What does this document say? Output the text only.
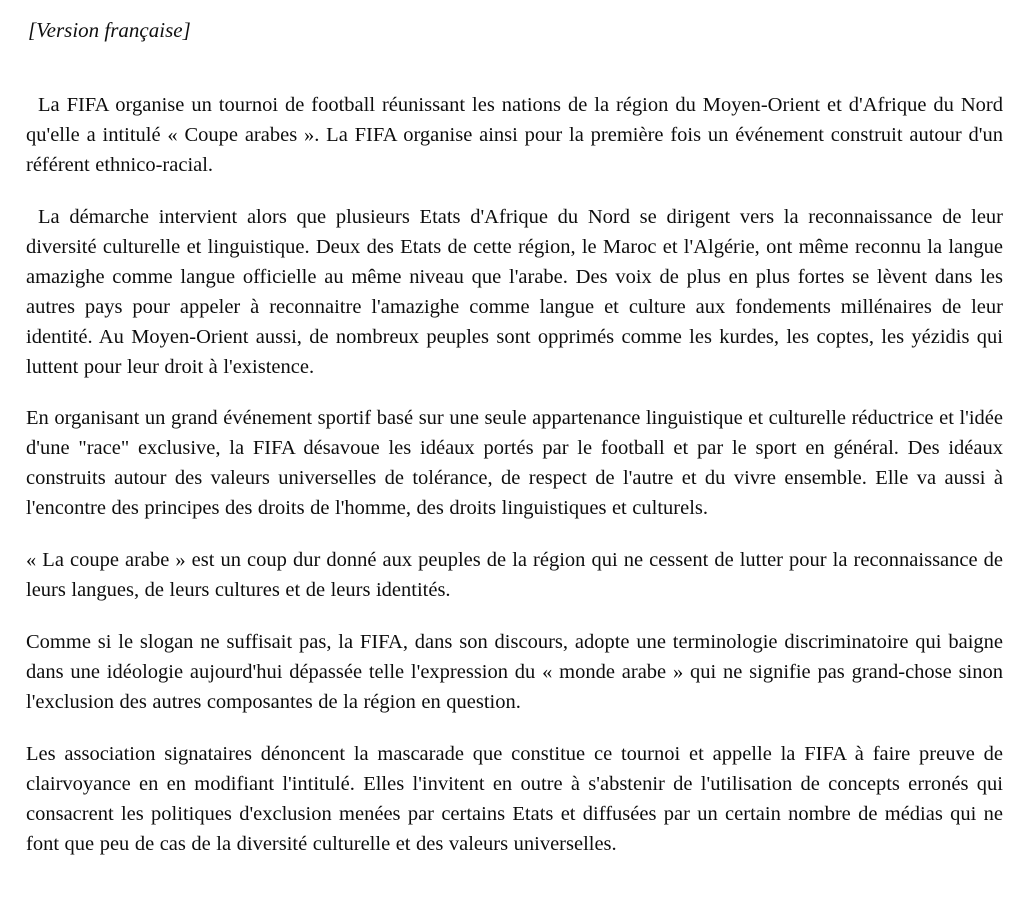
[Version française]

La FIFA organise un tournoi de football réunissant les nations de la région du Moyen-Orient et d'Afrique du Nord qu'elle a intitulé « Coupe arabes ». La FIFA organise ainsi pour la première fois un événement construit autour d'un référent ethnico-racial.

La démarche intervient alors que plusieurs Etats d'Afrique du Nord se dirigent vers la reconnaissance de leur diversité culturelle et linguistique. Deux des Etats de cette région, le Maroc et l'Algérie, ont même reconnu la langue amazighe comme langue officielle au même niveau que l'arabe. Des voix de plus en plus fortes se lèvent dans les autres pays pour appeler à reconnaitre l'amazighe comme langue et culture aux fondements millénaires de leur identité. Au Moyen-Orient aussi, de nombreux peuples sont opprimés comme les kurdes, les coptes, les yézidis qui luttent pour leur droit à l'existence.

En organisant un grand événement sportif basé sur une seule appartenance linguistique et culturelle réductrice et l'idée d'une "race" exclusive, la FIFA désavoue les idéaux portés par le football et par le sport en général. Des idéaux construits autour des valeurs universelles de tolérance, de respect de l'autre et du vivre ensemble. Elle va aussi à l'encontre des principes des droits de l'homme, des droits linguistiques et culturels.

« La coupe arabe » est un coup dur donné aux peuples de la région qui ne cessent de lutter pour la reconnaissance de leurs langues, de leurs cultures et de leurs identités.

Comme si le slogan ne suffisait pas, la FIFA, dans son discours, adopte une terminologie discriminatoire qui baigne dans une idéologie aujourd'hui dépassée telle l'expression du « monde arabe » qui ne signifie pas grand-chose sinon l'exclusion des autres composantes de la région en question.

Les association signataires dénoncent la mascarade que constitue ce tournoi et appelle la FIFA à faire preuve de clairvoyance en en modifiant l'intitulé. Elles l'invitent en outre à s'abstenir de l'utilisation de concepts erronés qui consacrent les politiques d'exclusion menées par certains Etats et diffusées par un certain nombre de médias qui ne font que peu de cas de la diversité culturelle et des valeurs universelles.
